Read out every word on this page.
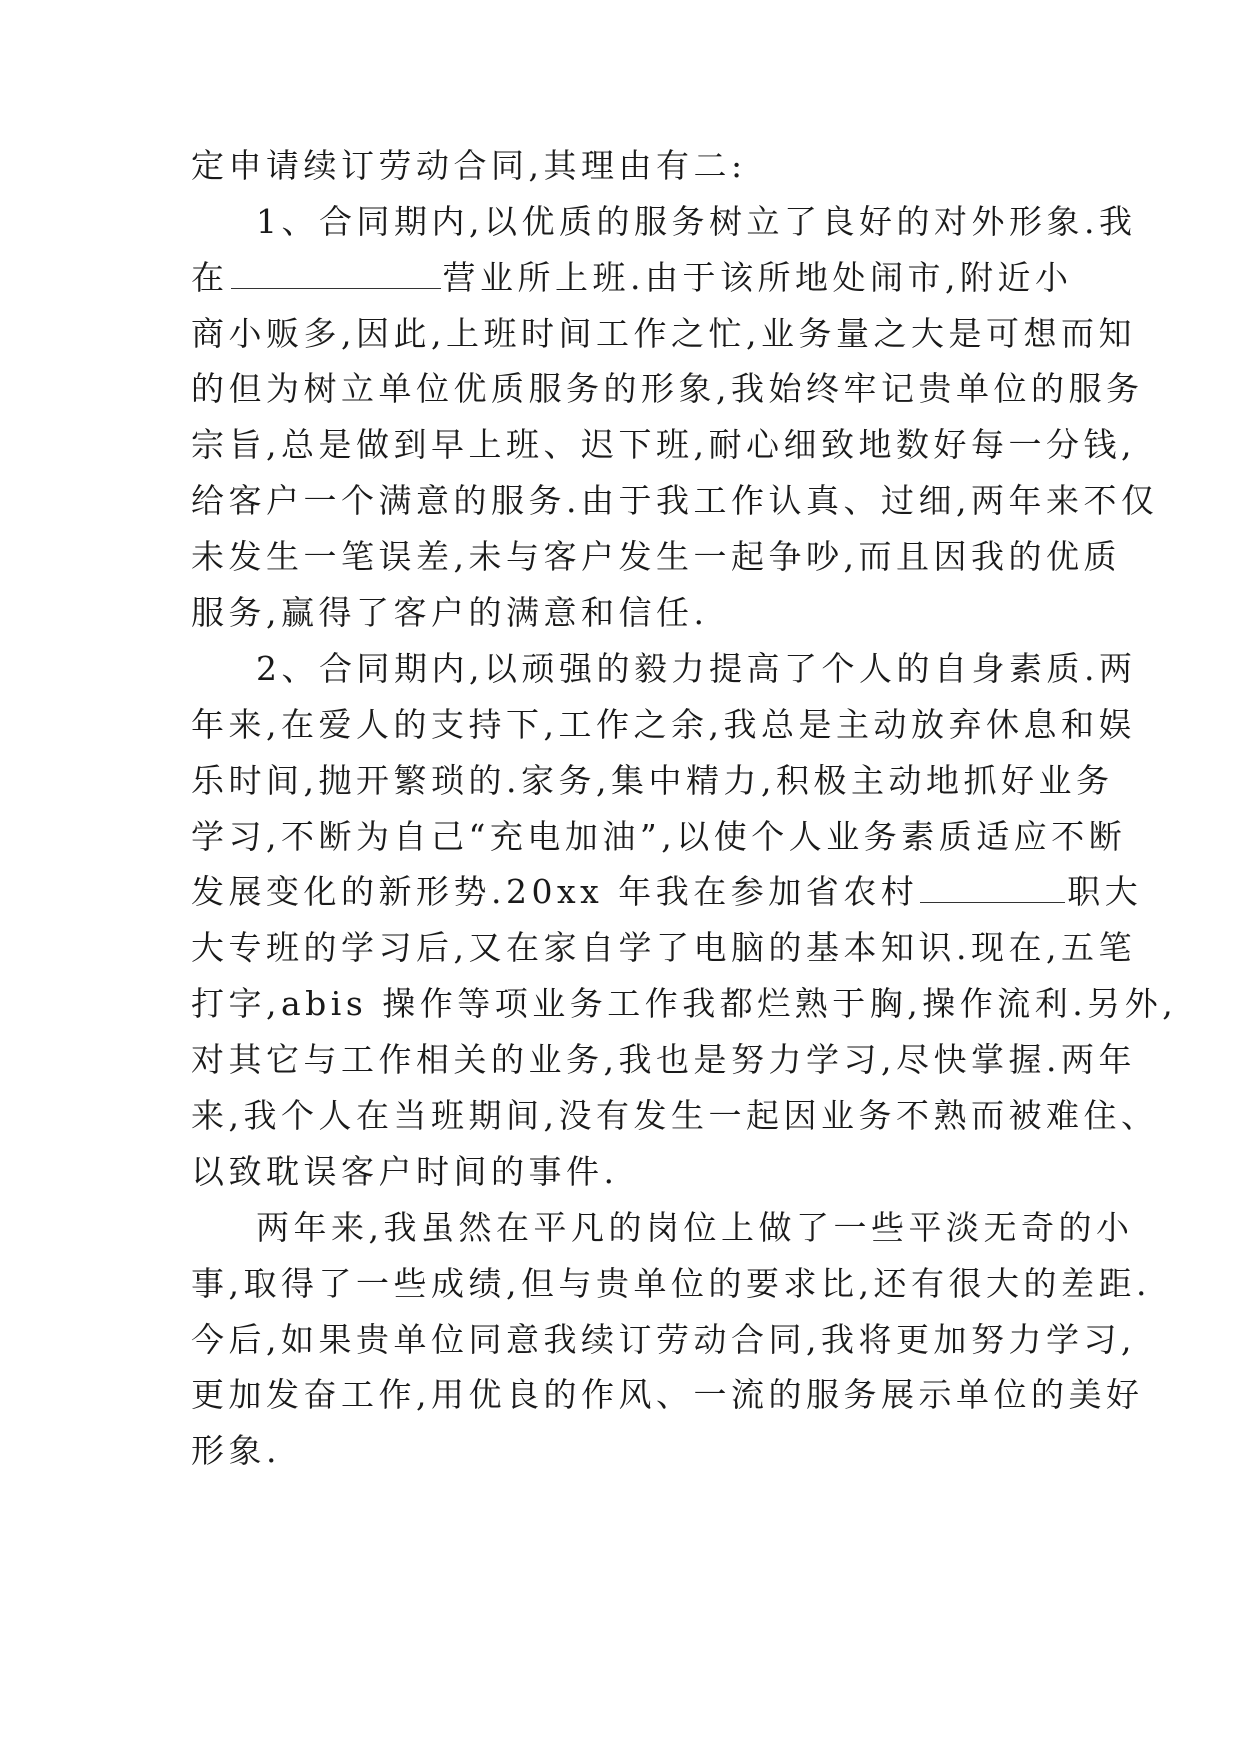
定申请续订劳动合同,其理由有二:
1、合同期内,以优质的服务树立了良好的对外形象.我
在	营业所上班.由于该所地处闹市,附近小
商小贩多,因此,上班时间工作之忙,业务量之大是可想而知
的但为树立单位优质服务的形象,我始终牢记贵单位的服务
宗旨,总是做到早上班、迟下班,耐心细致地数好每一分钱,
给客户一个满意的服务.由于我工作认真、过细,两年来不仅
未发生一笔误差,未与客户发生一起争吵,而且因我的优质
服务,赢得了客户的满意和信任.
2、合同期内,以顽强的毅力提高了个人的自身素质.两
年来,在爱人的支持下,工作之余,我总是主动放弃休息和娱
乐时间,抛开繁琐的.家务,集中精力,积极主动地抓好业务
学习,不断为自己“充电加油”,以使个人业务素质适应不断
发展变化的新形势.20xx 年我在参加省农村	职大
大专班的学习后,又在家自学了电脑的基本知识.现在,五笔
打字,abis 操作等项业务工作我都烂熟于胸,操作流利.另外,
对其它与工作相关的业务,我也是努力学习,尽快掌握.两年
来,我个人在当班期间,没有发生一起因业务不熟而被难住、
以致耽误客户时间的事件.
两年来,我虽然在平凡的岗位上做了一些平淡无奇的小
事,取得了一些成绩,但与贵单位的要求比,还有很大的差距.
今后,如果贵单位同意我续订劳动合同,我将更加努力学习,
更加发奋工作,用优良的作风、一流的服务展示单位的美好
形象.
